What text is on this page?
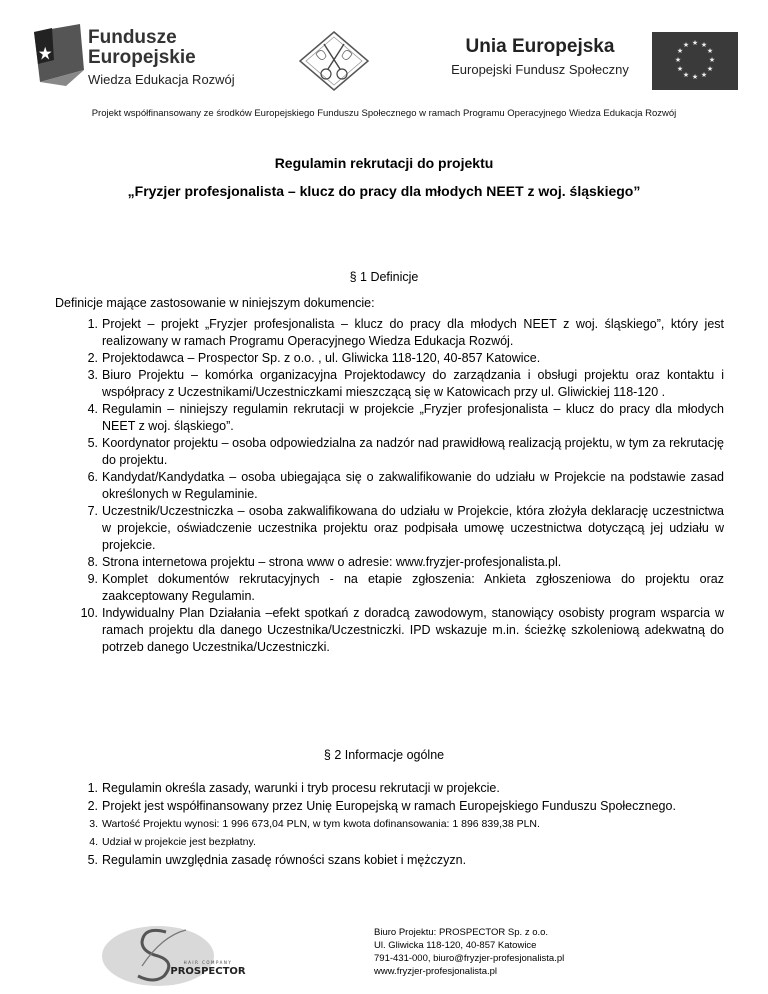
Fundusze
Europejskie
Wiedza Edukacja Rozwój
Unia Europejska
Europejski Fundusz Społeczny
★ ★
★
★
★
★
★
★
★
★
★
★
Projekt współfinansowany ze środków Europejskiego Funduszu Społecznego w ramach Programu Operacyjnego Wiedza Edukacja Rozwój
Regulamin rekrutacji do projektu
„Fryzjer profesjonalista – klucz do pracy dla młodych NEET z woj. śląskiego”
§ 1 Definicje
Definicje mające zastosowanie w niniejszym dokumencie:
1. Projekt – projekt „Fryzjer profesjonalista – klucz do pracy dla młodych NEET z woj. śląskiego”, który jest realizowany w ramach Programu Operacyjnego Wiedza Edukacja Rozwój.
2. Projektodawca – Prospector Sp. z o.o. , ul. Gliwicka 118-120, 40-857 Katowice.
3. Biuro Projektu – komórka organizacyjna Projektodawcy do zarządzania i obsługi projektu oraz kontaktu i współpracy z Uczestnikami/Uczestniczkami mieszczącą się w Katowicach przy ul. Gliwickiej 118-120 .
4. Regulamin – niniejszy regulamin rekrutacji w projekcie „Fryzjer profesjonalista – klucz do pracy dla młodych NEET z woj. śląskiego”.
5. Koordynator projektu – osoba odpowiedzialna za nadzór nad prawidłową realizacją projektu, w tym za rekrutację do projektu.
6. Kandydat/Kandydatka – osoba ubiegająca się o zakwalifikowanie do udziału w Projekcie na podstawie zasad określonych w Regulaminie.
7. Uczestnik/Uczestniczka – osoba zakwalifikowana do udziału w Projekcie, która złożyła deklarację uczestnictwa w projekcie, oświadczenie uczestnika projektu oraz podpisała umowę uczestnictwa dotyczącą jej udziału w projekcie.
8. Strona internetowa projektu – strona www o adresie: www.fryzjer-profesjonalista.pl.
9. Komplet dokumentów rekrutacyjnych - na etapie zgłoszenia: Ankieta zgłoszeniowa do projektu oraz zaakceptowany Regulamin.
10. Indywidualny Plan Działania –efekt spotkań z doradcą zawodowym, stanowiący osobisty program wsparcia w ramach projektu dla danego Uczestnika/Uczestniczki. IPD wskazuje m.in. ścieżkę szkoleniową adekwatną do potrzeb danego Uczestnika/Uczestniczki.
§ 2 Informacje ogólne
1. Regulamin określa zasady, warunki i tryb procesu rekrutacji w projekcie.
2. Projekt jest współfinansowany przez Unię Europejską w ramach Europejskiego Funduszu Społecznego.
3. Wartość Projektu wynosi: 1 996 673,04 PLN, w tym kwota dofinansowania: 1 896 839,38 PLN.
4. Udział w projekcie jest bezpłatny.
5. Regulamin uwzględnia zasadę równości szans kobiet i mężczyzn.
HAIR COMPANY
PROSPECTOR
Biuro Projektu: PROSPECTOR Sp. z o.o.
Ul. Gliwicka 118-120, 40-857 Katowice
791-431-000, biuro@fryzjer-profesjonalista.pl
www.fryzjer-profesjonalista.pl
